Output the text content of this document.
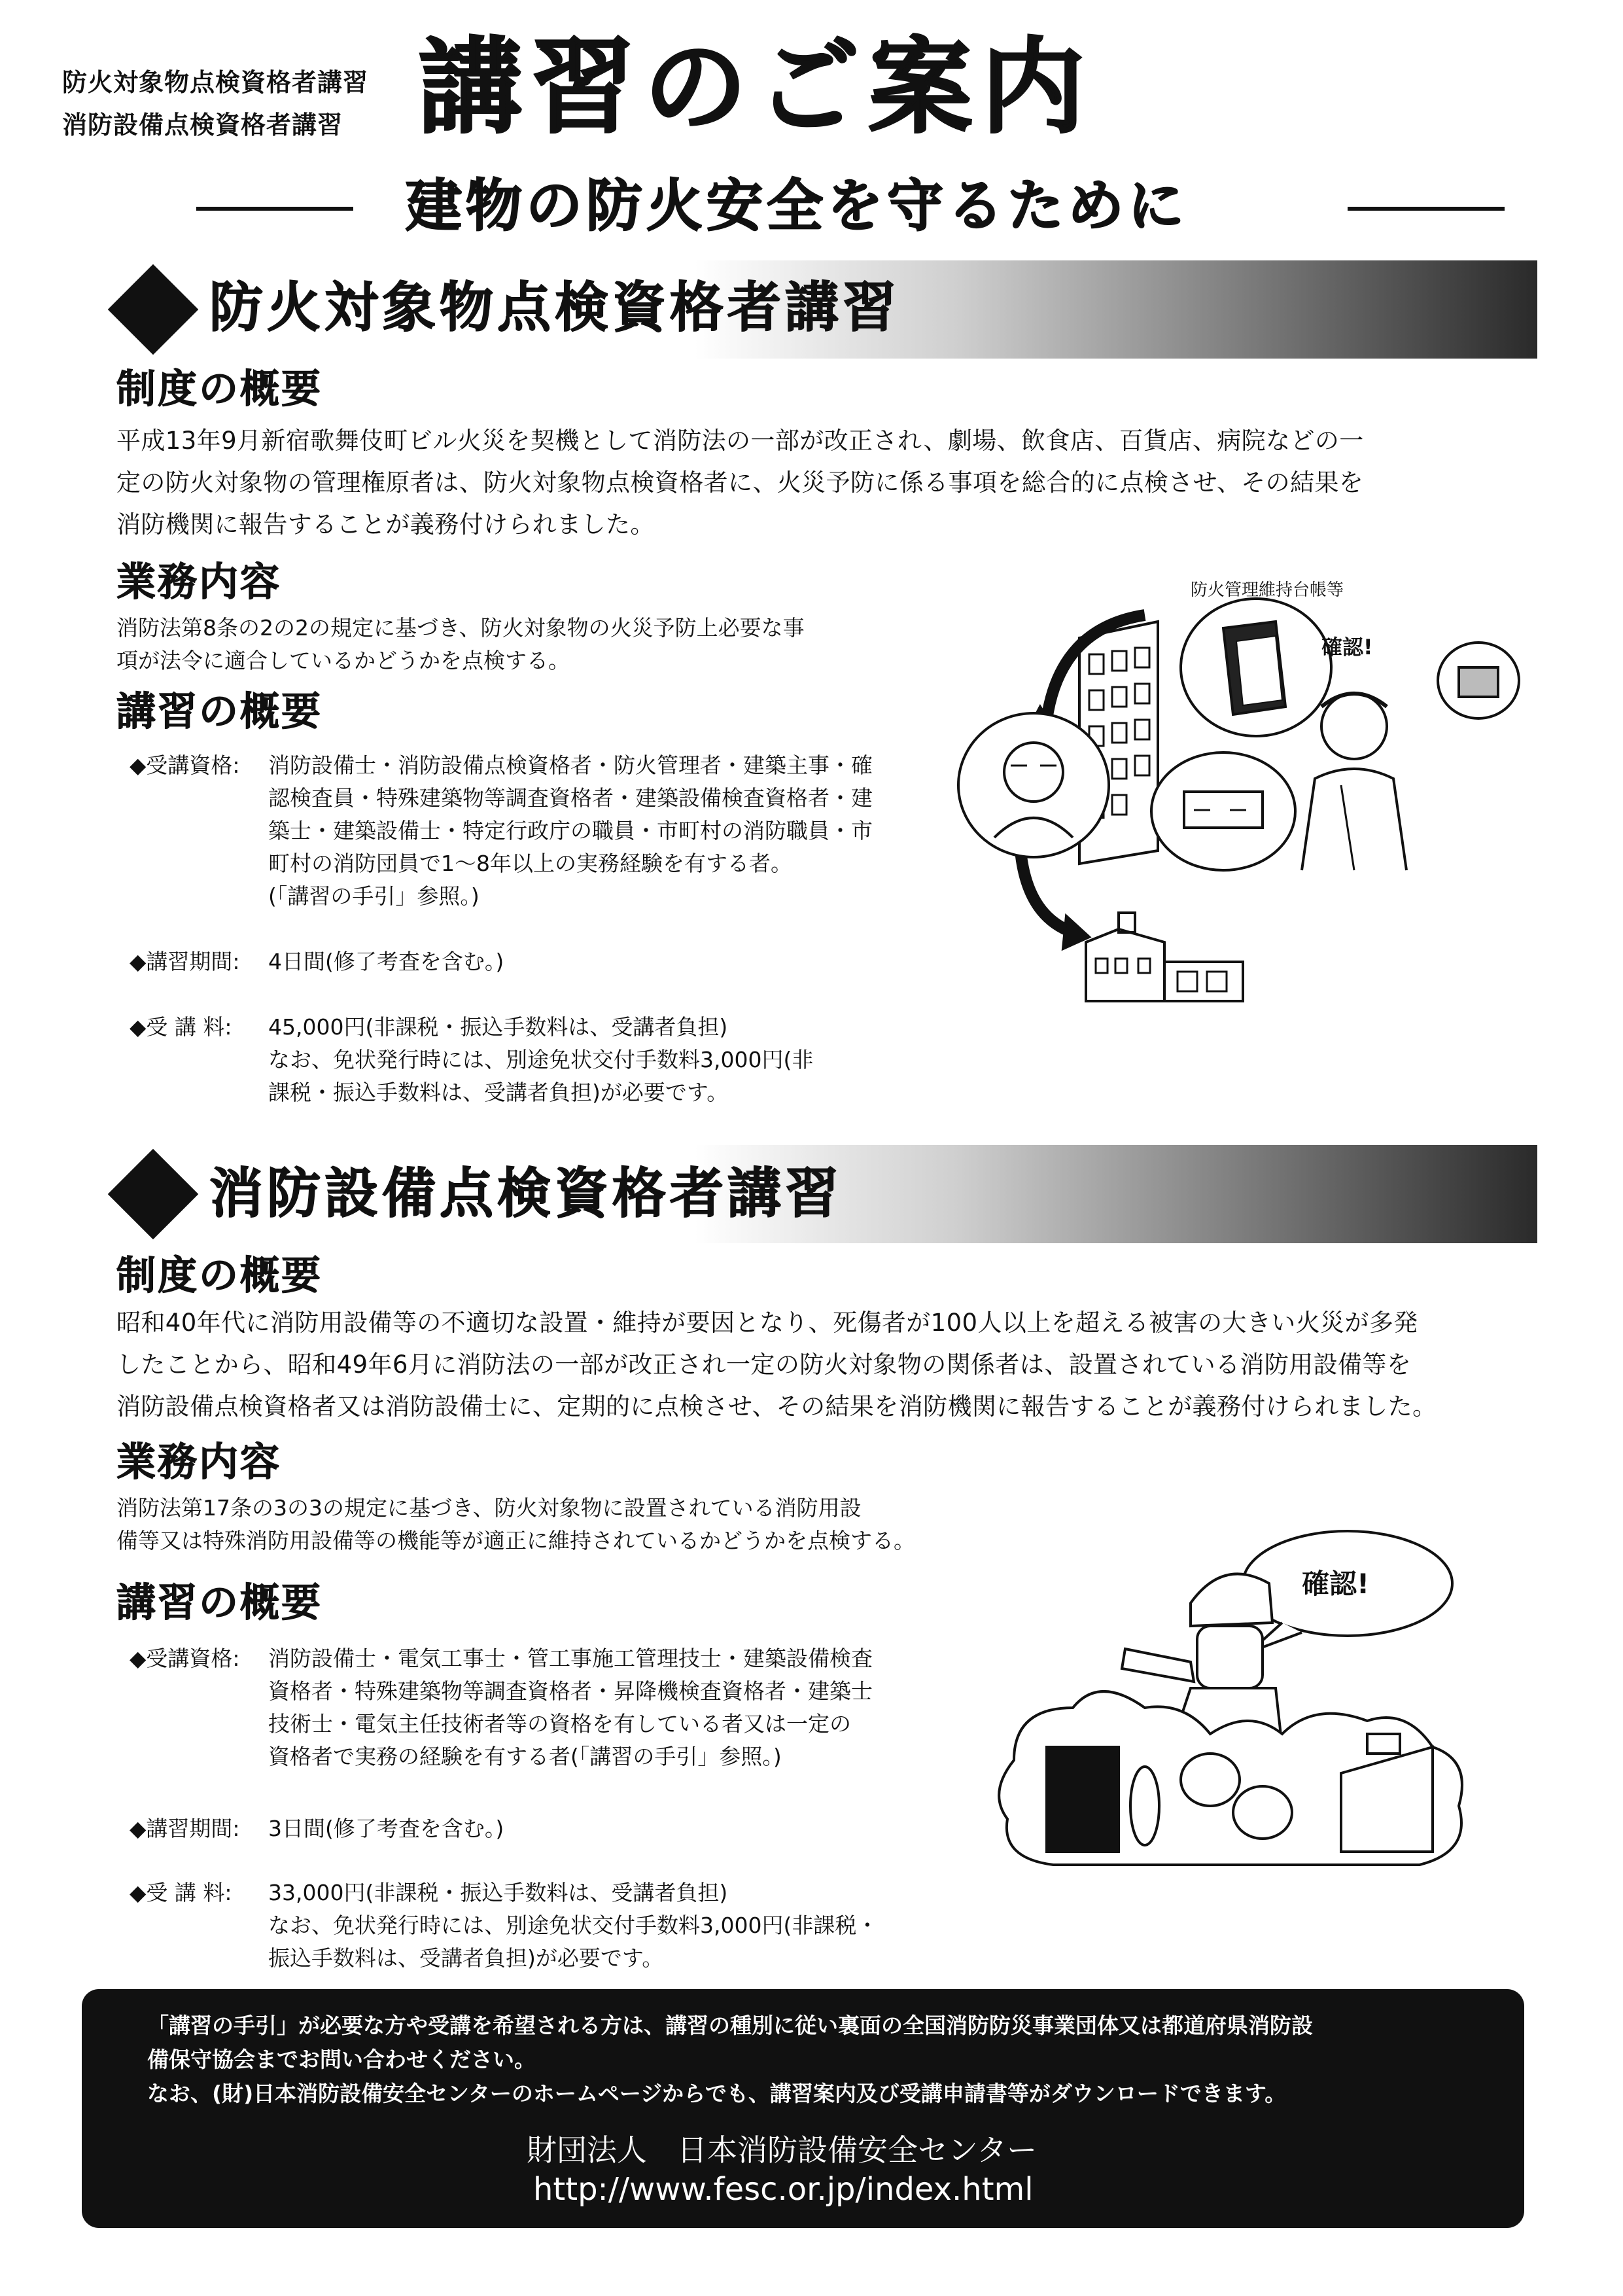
防火対象物点検資格者講習
消防設備点検資格者講習 講習のご案内
建物の防火安全を守るために
防火対象物点検資格者講習
制度の概要
平成13年9月新宿歌舞伎町ビル火災を契機として消防法の一部が改正され、劇場、飲食店、百貨店、病院などの一
定の防火対象物の管理権原者は、防火対象物点検資格者に、火災予防に係る事項を総合的に点検させ、その結果を
消防機関に報告することが義務付けられました。
業務内容
消防法第8条の2の2の規定に基づき、防火対象物の火災予防上必要な事
項が法令に適合しているかどうかを点検する。
講習の概要
◆受講資格: 消防設備士・消防設備点検資格者・防火管理者・建築主事・確
認検査員・特殊建築物等調査資格者・建築設備検査資格者・建
築士・建築設備士・特定行政庁の職員・市町村の消防職員・市
町村の消防団員で1～8年以上の実務経験を有する者。
(「講習の手引」参照。)
◆講習期間: 4日間(修了考査を含む。)
◆受 講 料: 45,000円(非課税・振込手数料は、受講者負担)
なお、免状発行時には、別途免状交付手数料3,000円(非
課税・振込手数料は、受講者負担)が必要です。
防火管理維持台帳等
確認!
消防設備点検資格者講習
制度の概要
昭和40年代に消防用設備等の不適切な設置・維持が要因となり、死傷者が100人以上を超える被害の大きい火災が多発
したことから、昭和49年6月に消防法の一部が改正され一定の防火対象物の関係者は、設置されている消防用設備等を
消防設備点検資格者又は消防設備士に、定期的に点検させ、その結果を消防機関に報告することが義務付けられました。
業務内容
消防法第17条の3の3の規定に基づき、防火対象物に設置されている消防用設
備等又は特殊消防用設備等の機能等が適正に維持されているかどうかを点検する。
講習の概要
◆受講資格: 消防設備士・電気工事士・管工事施工管理技士・建築設備検査
資格者・特殊建築物等調査資格者・昇降機検査資格者・建築士
技術士・電気主任技術者等の資格を有している者又は一定の
資格者で実務の経験を有する者(「講習の手引」参照。)
◆講習期間: 3日間(修了考査を含む。)
◆受 講 料: 33,000円(非課税・振込手数料は、受講者負担)
なお、免状発行時には、別途免状交付手数料3,000円(非課税・
振込手数料は、受講者負担)が必要です。
確認!
「講習の手引」が必要な方や受講を希望される方は、講習の種別に従い裏面の全国消防防災事業団体又は都道府県消防設
備保守協会までお問い合わせください。
なお、(財)日本消防設備安全センターのホームページからでも、講習案内及び受講申請書等がダウンロードできます。
財団法人　日本消防設備安全センター
http://www.fesc.or.jp/index.html
